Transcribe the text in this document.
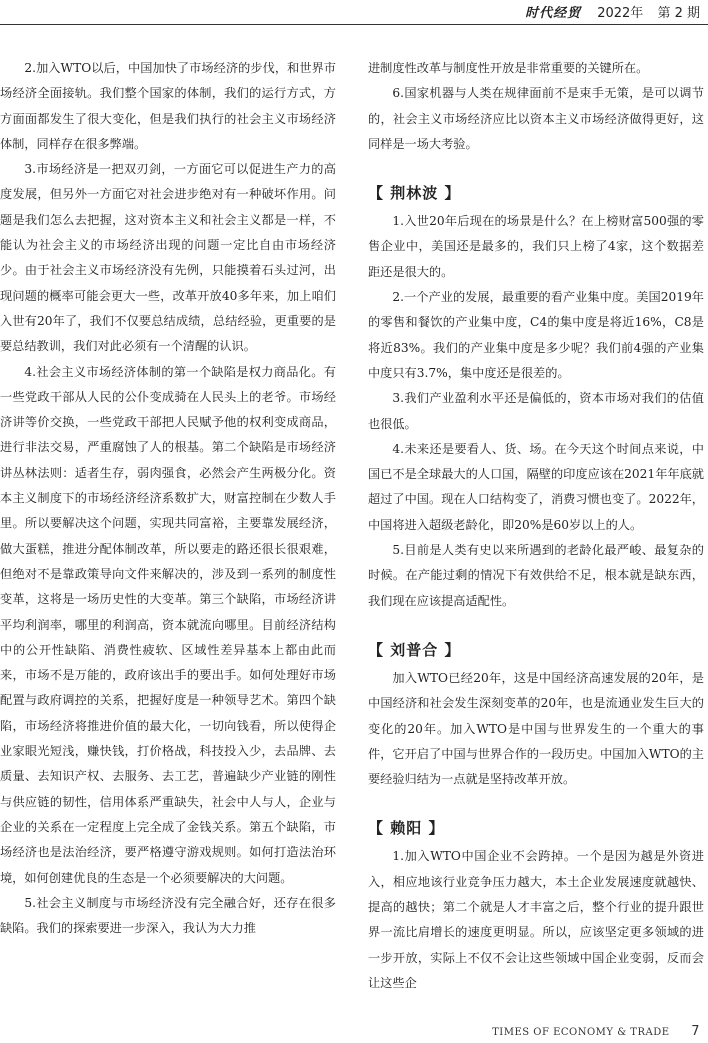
时代经贸 2022年 第 2 期

2.加入WTO以后，中国加快了市场经济的步伐，和世界市场经济全面接轨。我们整个国家的体制，我们的运行方式，方方面面都发生了很大变化，但是我们执行的社会主义市场经济体制，同样存在很多弊端。

3.市场经济是一把双刃剑，一方面它可以促进生产力的高度发展，但另外一方面它对社会进步绝对有一种破坏作用。问题是我们怎么去把握，这对资本主义和社会主义都是一样，不能认为社会主义的市场经济出现的问题一定比自由市场经济少。由于社会主义市场经济没有先例，只能摸着石头过河，出现问题的概率可能会更大一些，改革开放40多年来，加上咱们入世有20年了，我们不仅要总结成绩，总结经验，更重要的是要总结教训，我们对此必须有一个清醒的认识。

4.社会主义市场经济体制的第一个缺陷是权力商品化。有一些党政干部从人民的公仆变成骑在人民头上的老爷。市场经济讲等价交换，一些党政干部把人民赋予他的权利变成商品，进行非法交易，严重腐蚀了人的根基。第二个缺陷是市场经济讲丛林法则：适者生存，弱肉强食，必然会产生两极分化。资本主义制度下的市场经济经济系数扩大，财富控制在少数人手里。所以要解决这个问题，实现共同富裕，主要靠发展经济，做大蛋糕，推进分配体制改革，所以要走的路还很长很艰难，但绝对不是靠政策导向文件来解决的，涉及到一系列的制度性变革，这将是一场历史性的大变革。第三个缺陷，市场经济讲平均利润率，哪里的利润高，资本就流向哪里。目前经济结构中的公开性缺陷、消费性疲软、区域性差异基本上都由此而来，市场不是万能的，政府该出手的要出手。如何处理好市场配置与政府调控的关系，把握好度是一种领导艺术。第四个缺陷，市场经济将推进价值的最大化，一切向钱看，所以使得企业家眼光短浅，赚快钱，打价格战，科技投入少，去品牌、去质量、去知识产权、去服务、去工艺，普遍缺少产业链的刚性与供应链的韧性，信用体系严重缺失，社会中人与人，企业与企业的关系在一定程度上完全成了金钱关系。第五个缺陷，市场经济也是法治经济，要严格遵守游戏规则。如何打造法治环境，如何创建优良的生态是一个必须要解决的大问题。

5.社会主义制度与市场经济没有完全融合好，还存在很多缺陷。我们的探索要进一步深入，我认为大力推

进制度性改革与制度性开放是非常重要的关键所在。

6.国家机器与人类在规律面前不是束手无策，是可以调节的，社会主义市场经济应比以资本主义市场经济做得更好，这同样是一场大考验。

【 荆林波 】

1.入世20年后现在的场景是什么？在上榜财富500强的零售企业中，美国还是最多的，我们只上榜了4家，这个数据差距还是很大的。

2.一个产业的发展，最重要的看产业集中度。美国2019年的零售和餐饮的产业集中度，C4的集中度是将近16%，C8是将近83%。我们的产业集中度是多少呢？我们前4强的产业集中度只有3.7%，集中度还是很差的。

3.我们产业盈利水平还是偏低的，资本市场对我们的估值也很低。

4.未来还是要看人、货、场。在今天这个时间点来说，中国已不是全球最大的人口国，隔壁的印度应该在2021年年底就超过了中国。现在人口结构变了，消费习惯也变了。2022年，中国将进入超级老龄化，即20%是60岁以上的人。

5.目前是人类有史以来所遇到的老龄化最严峻、最复杂的时候。在产能过剩的情况下有效供给不足，根本就是缺东西，我们现在应该提高适配性。

【 刘普合 】

加入WTO已经20年，这是中国经济高速发展的20年，是中国经济和社会发生深刻变革的20年，也是流通业发生巨大的变化的20年。加入WTO是中国与世界发生的一个重大的事件，它开启了中国与世界合作的一段历史。中国加入WTO的主要经验归结为一点就是坚持改革开放。

【 赖阳 】

1.加入WTO中国企业不会跨掉。一个是因为越是外资进入，相应地该行业竞争压力越大，本土企业发展速度就越快、提高的越快；第二个就是人才丰富之后，整个行业的提升跟世界一流比肩增长的速度更明显。所以，应该坚定更多领域的进一步开放，实际上不仅不会让这些领域中国企业变弱，反而会让这些企

TIMES OF ECONOMY & TRADE 7
